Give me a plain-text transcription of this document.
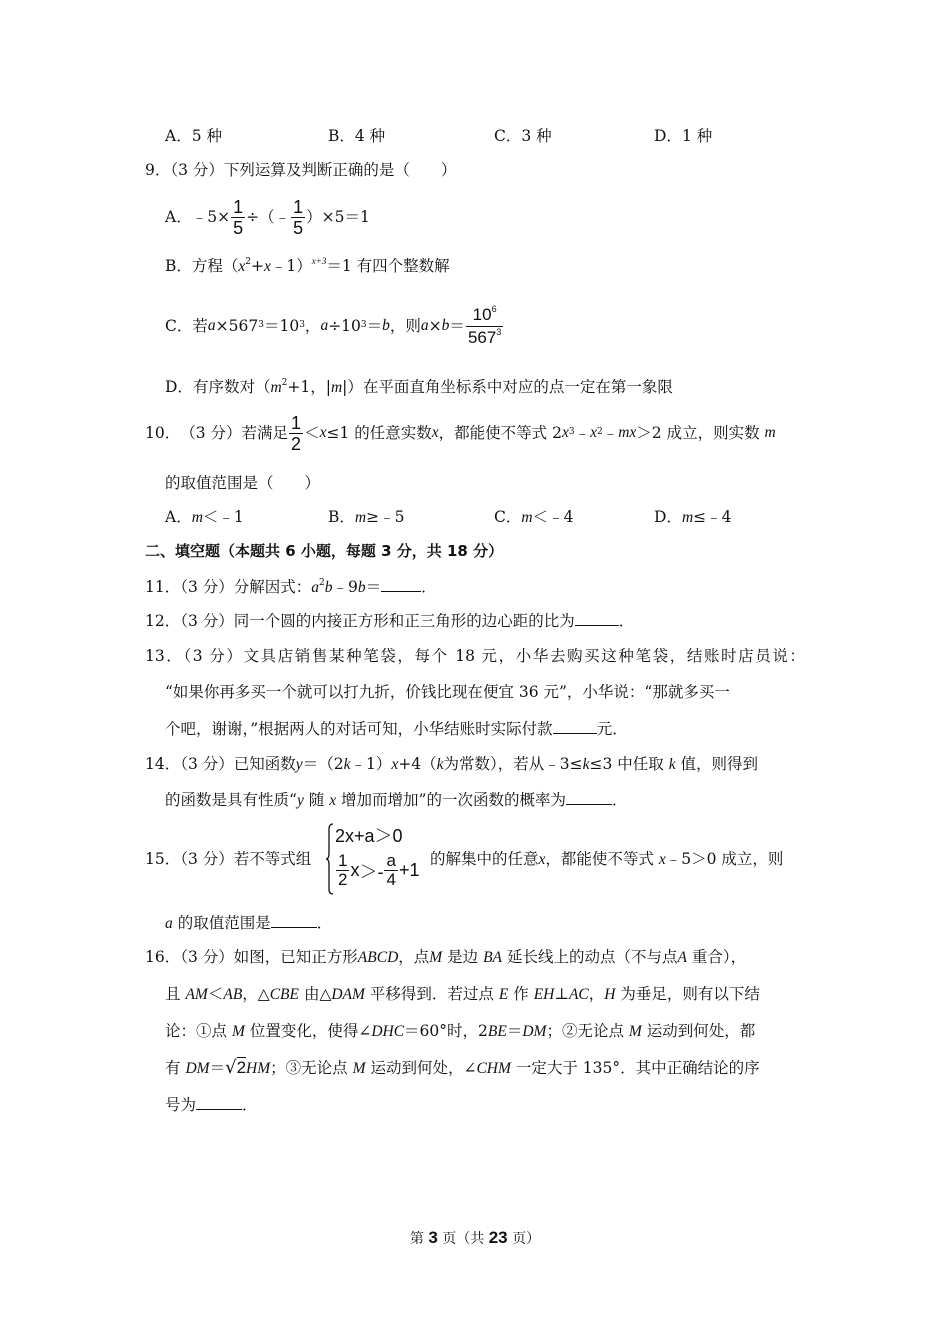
A．5 种	B．4 种	C．3 种	D．1 种
9．（3 分）下列运算及判断正确的是（　　）
A． ﹣5× $\frac{1}{5}$ ÷（﹣ $\frac{1}{5} )\times 5=1$
B．方程$(x^2+x﹣1)^{x+3}=1$ 有四个整数解
C． 若 $a \times 567^3 =10^3$ ， $a \div 10^3 = b$ ，则 $a \times b = \frac{10^6}{567^3}$
D．有序数对（$m^2+1$，|m|）在平面直角坐标系中对应的点一定在第一象限
10． （3 分） 若满足 $\frac{1}{2} < x \le 1$ 的任意实数 x ，都能使不等式 2 $x^3$ ﹣ $x^2$ ﹣ mx ＞2 成立，则实数
m
的取值范围是（　　）
A．m＜﹣1	B．m≥﹣5	C．m＜﹣4	D．m≤﹣4
二、填空题（本题共 6 小题，每题 3 分，共 18 分）
11．（3 分）分解因式：$a^2b﹣9b=$	．
12．（3 分）同一个圆的内接正方形和正三角形的边心距的比为	．
13．（3 分）文具店销售某种笔袋，每个 18 元，小华去购买这种笔袋，结账时店员说：
“如果你再多买一个就可以打九折，价钱比现在便宜 36 元”，小华说：“那就多买一
个吧，谢谢，”根据两人的对话可知，小华结账时实际付款	元．
14．（3 分）已知函数y＝（2k﹣1）x+4（k为常数），若从﹣3≤k≤3 中任取 k 值，则得到
的函数是具有性质“y 随 x 增加而增加”的一次函数的概率为	．
15．（3 分）若不等式组
2x+a＞0
$\frac{1}{2}$ $x >- \frac{a}{4} +1$
的解集中的任意x，都能使不等式 x﹣5＞0 成立，则
a 的取值范围是	．
16．（3 分）如图，已知正方形ABCD，点M 是边 BA 延长线上的动点（不与点A 重合），
且 AM＜AB，△CBE 由△DAM 平移得到．若过点 E 作 EH⊥AC，H 为垂足，则有以下结
论：①点 M 位置变化，使得∠DHC＝60°时，2BE＝DM；②无论点 M 运动到何处，都
有 DM＝√2HM；③无论点 M 运动到何处，∠CHM 一定大于 135°．其中正确结论的序
号为	．
第 3 页（共 23 页）
